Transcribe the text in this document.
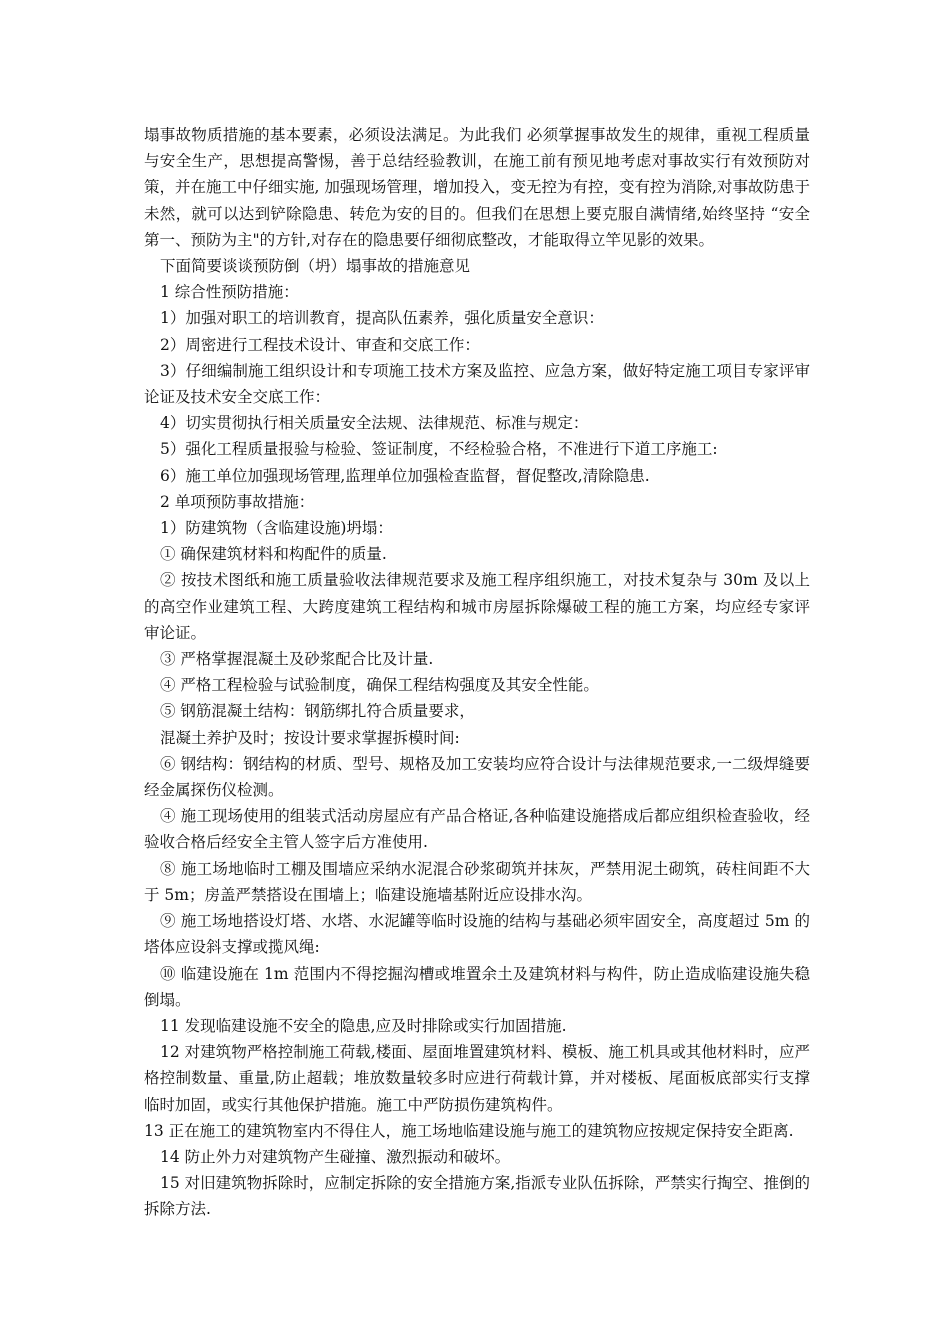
塌事故物质措施的基本要素，必须设法满足。为此我们 必须掌握事故发生的规律，重视工程质量与安全生产，思想提高警惕，善于总结经验教训，在施工前有预见地考虑对事故实行有效预防对策，并在施工中仔细实施, 加强现场管理，增加投入，变无控为有控，变有控为消除,对事故防患于未然，就可以达到铲除隐患、转危为安的目的。但我们在思想上要克服自满情绪,始终坚持 “安全第一、预防为主"的方针,对存在的隐患要仔细彻底整改，才能取得立竿见影的效果。

下面简要谈谈预防倒（坍）塌事故的措施意见

1 综合性预防措施：

1）加强对职工的培训教育，提高队伍素养，强化质量安全意识：

2）周密进行工程技术设计、审查和交底工作：

3）仔细编制施工组织设计和专项施工技术方案及监控、应急方案，做好特定施工项目专家评审论证及技术安全交底工作：

4）切实贯彻执行相关质量安全法规、法律规范、标准与规定：

5）强化工程质量报验与检验、签证制度，不经检验合格，不准进行下道工序施工:

6）施工单位加强现场管理,监理单位加强检查监督，督促整改,清除隐患.

2 单项预防事故措施：

1）防建筑物（含临建设施)坍塌：

① 确保建筑材料和构配件的质量.

② 按技术图纸和施工质量验收法律规范要求及施工程序组织施工，对技术复杂与 30m 及以上的高空作业建筑工程、大跨度建筑工程结构和城市房屋拆除爆破工程的施工方案，均应经专家评审论证。

③ 严格掌握混凝土及砂浆配合比及计量.

④ 严格工程检验与试验制度，确保工程结构强度及其安全性能。

⑤ 钢筋混凝土结构：钢筋绑扎符合质量要求，

混凝土养护及时；按设计要求掌握拆模时间:

⑥ 钢结构：钢结构的材质、型号、规格及加工安装均应符合设计与法律规范要求,一二级焊缝要经金属探伤仪检测。

④ 施工现场使用的组装式活动房屋应有产品合格证,各种临建设施搭成后都应组织检查验收，经验收合格后经安全主管人签字后方准使用.

⑧ 施工场地临时工棚及围墙应采纳水泥混合砂浆砌筑并抹灰，严禁用泥土砌筑，砖柱间距不大于 5m；房盖严禁搭设在围墙上；临建设施墙基附近应设排水沟。

⑨ 施工场地搭设灯塔、水塔、水泥罐等临时设施的结构与基础必须牢固安全，高度超过 5m 的塔体应设斜支撑或揽风绳:

⑩ 临建设施在 1m 范围内不得挖掘沟槽或堆置余土及建筑材料与构件，防止造成临建设施失稳倒塌。

11 发现临建设施不安全的隐患,应及时排除或实行加固措施.

12 对建筑物严格控制施工荷载,楼面、屋面堆置建筑材料、模板、施工机具或其他材料时，应严格控制数量、重量,防止超载；堆放数量较多时应进行荷载计算，并对楼板、尾面板底部实行支撑临时加固，或实行其他保护措施。施工中严防损伤建筑构件。

13 正在施工的建筑物室内不得住人，施工场地临建设施与施工的建筑物应按规定保持安全距离.

14 防止外力对建筑物产生碰撞、激烈振动和破坏。

15 对旧建筑物拆除时，应制定拆除的安全措施方案,指派专业队伍拆除，严禁实行掏空、推倒的拆除方法.
